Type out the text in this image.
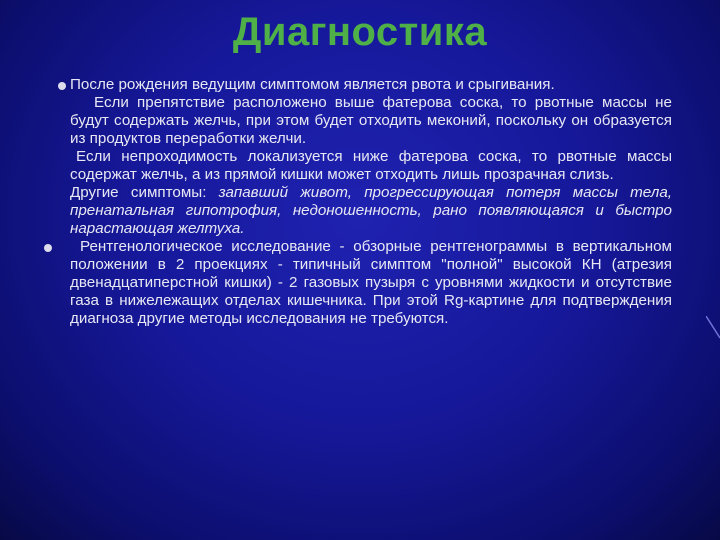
Диагностика

После рождения ведущим симптомом является рвота и срыгивания.

Если препятствие расположено выше фатерова соска, то рвотные массы не будут содержать желчь, при этом будет отходить меконий, поскольку он образуется из продуктов переработки желчи.

Если непроходимость локализуется ниже фатерова соска, то рвотные массы содержат желчь, а из прямой кишки может отходить лишь прозрачная слизь.

Другие симптомы: запавший живот, прогрессирующая потеря массы тела, пренатальная гипотрофия, недоношенность, рано появляющаяся и быстро нарастающая желтуха.

Рентгенологическое исследование - обзорные рентгенограммы в вертикальном положении в 2 проекциях - типичный симптом "полной" высокой КН (атрезия двенадцатиперстной кишки) - 2 газовых пузыря с уровнями жидкости и отсутствие газа в нижележащих отделах кишечника. При этой Rg-картине для подтверждения диагноза другие методы исследования не требуются.
